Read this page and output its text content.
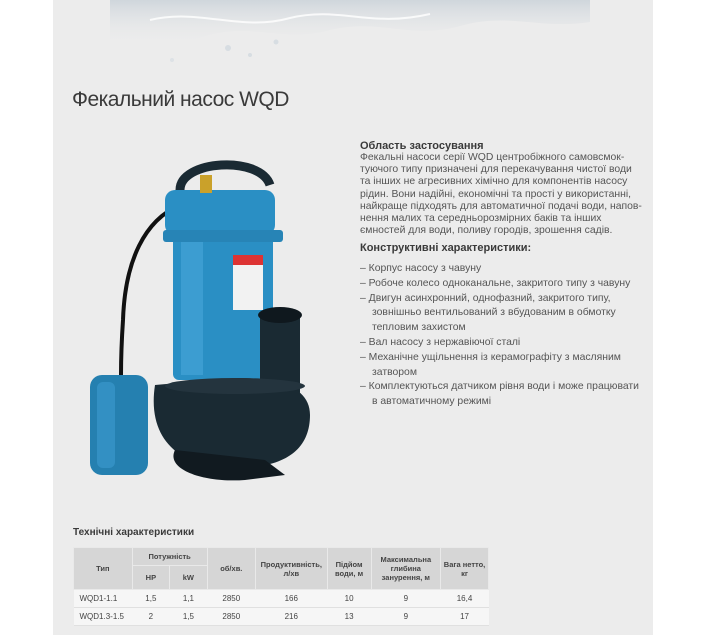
Фекальний насос WQD
Область застосування
Фекальні насоси серії WQD центробіжного самовсмок-
туючого типу призначені для перекачування чистої води
та інших не агресивних хімічно для компонентів насосу
рідин. Вони надійні, економічні та прості у використанні,
найкраще підходять для автоматичної подачі води, напов-
нення малих та середньорозмірних баків та інших
ємностей для води, поливу городів, зрошення садів.
Конструктивні характеристики:
– Корпус насосу з чавуну
– Робоче колесо одноканальне, закритого типу з чавуну
– Двигун асинхронний, однофазний, закритого типу,
зовнішньо вентильований з вбудованим в обмотку тепловим захистом
– Вал насосу з нержавіючої сталі
– Механічне ущільнення із керамографіту з масляним
затвором
– Комплектуються датчиком рівня води і може працювати
в автоматичному режимі
Технічні характеристики
Тип	Потужність		об/хв.	Продуктивність, л/хв	Підйом води, м	Максимальна глибина занурення, м	Вага нетто, кг
	HP	kW					
WQD1-1.1	1,5	1,1	2850	166	10	9	16,4
WQD1.3-1.5	2	1,5	2850	216	13	9	17
